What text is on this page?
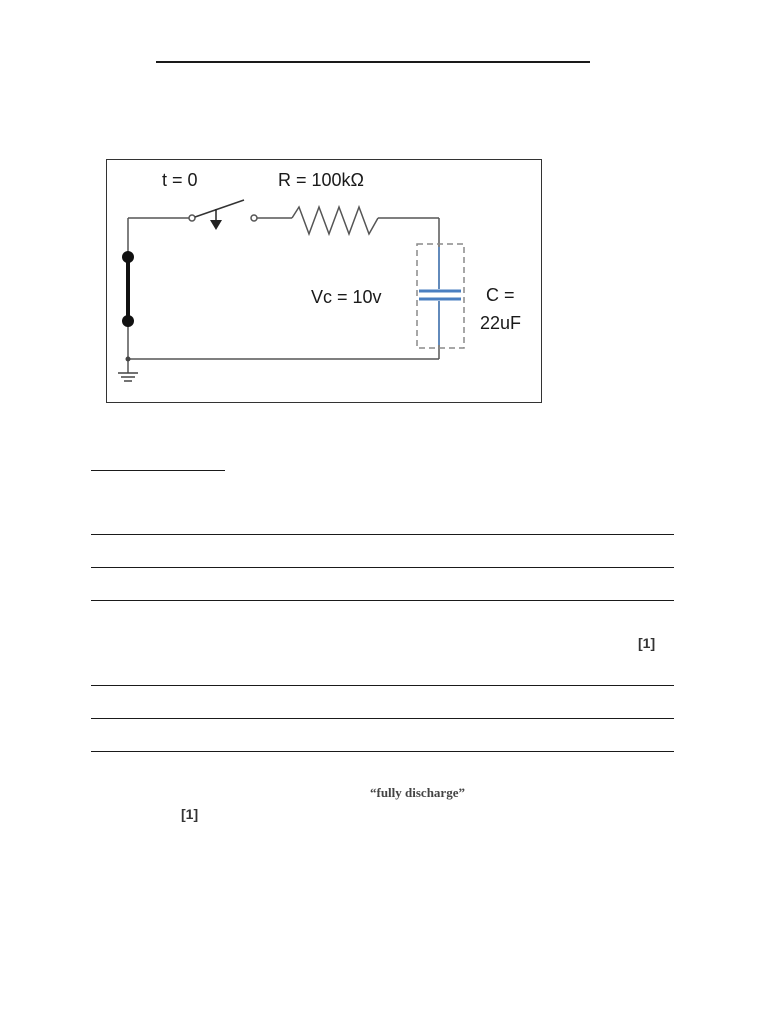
t = 0	R = 100kΩ
Vc = 10v	C =
22uF
[1]
“fully discharge”
[1]
